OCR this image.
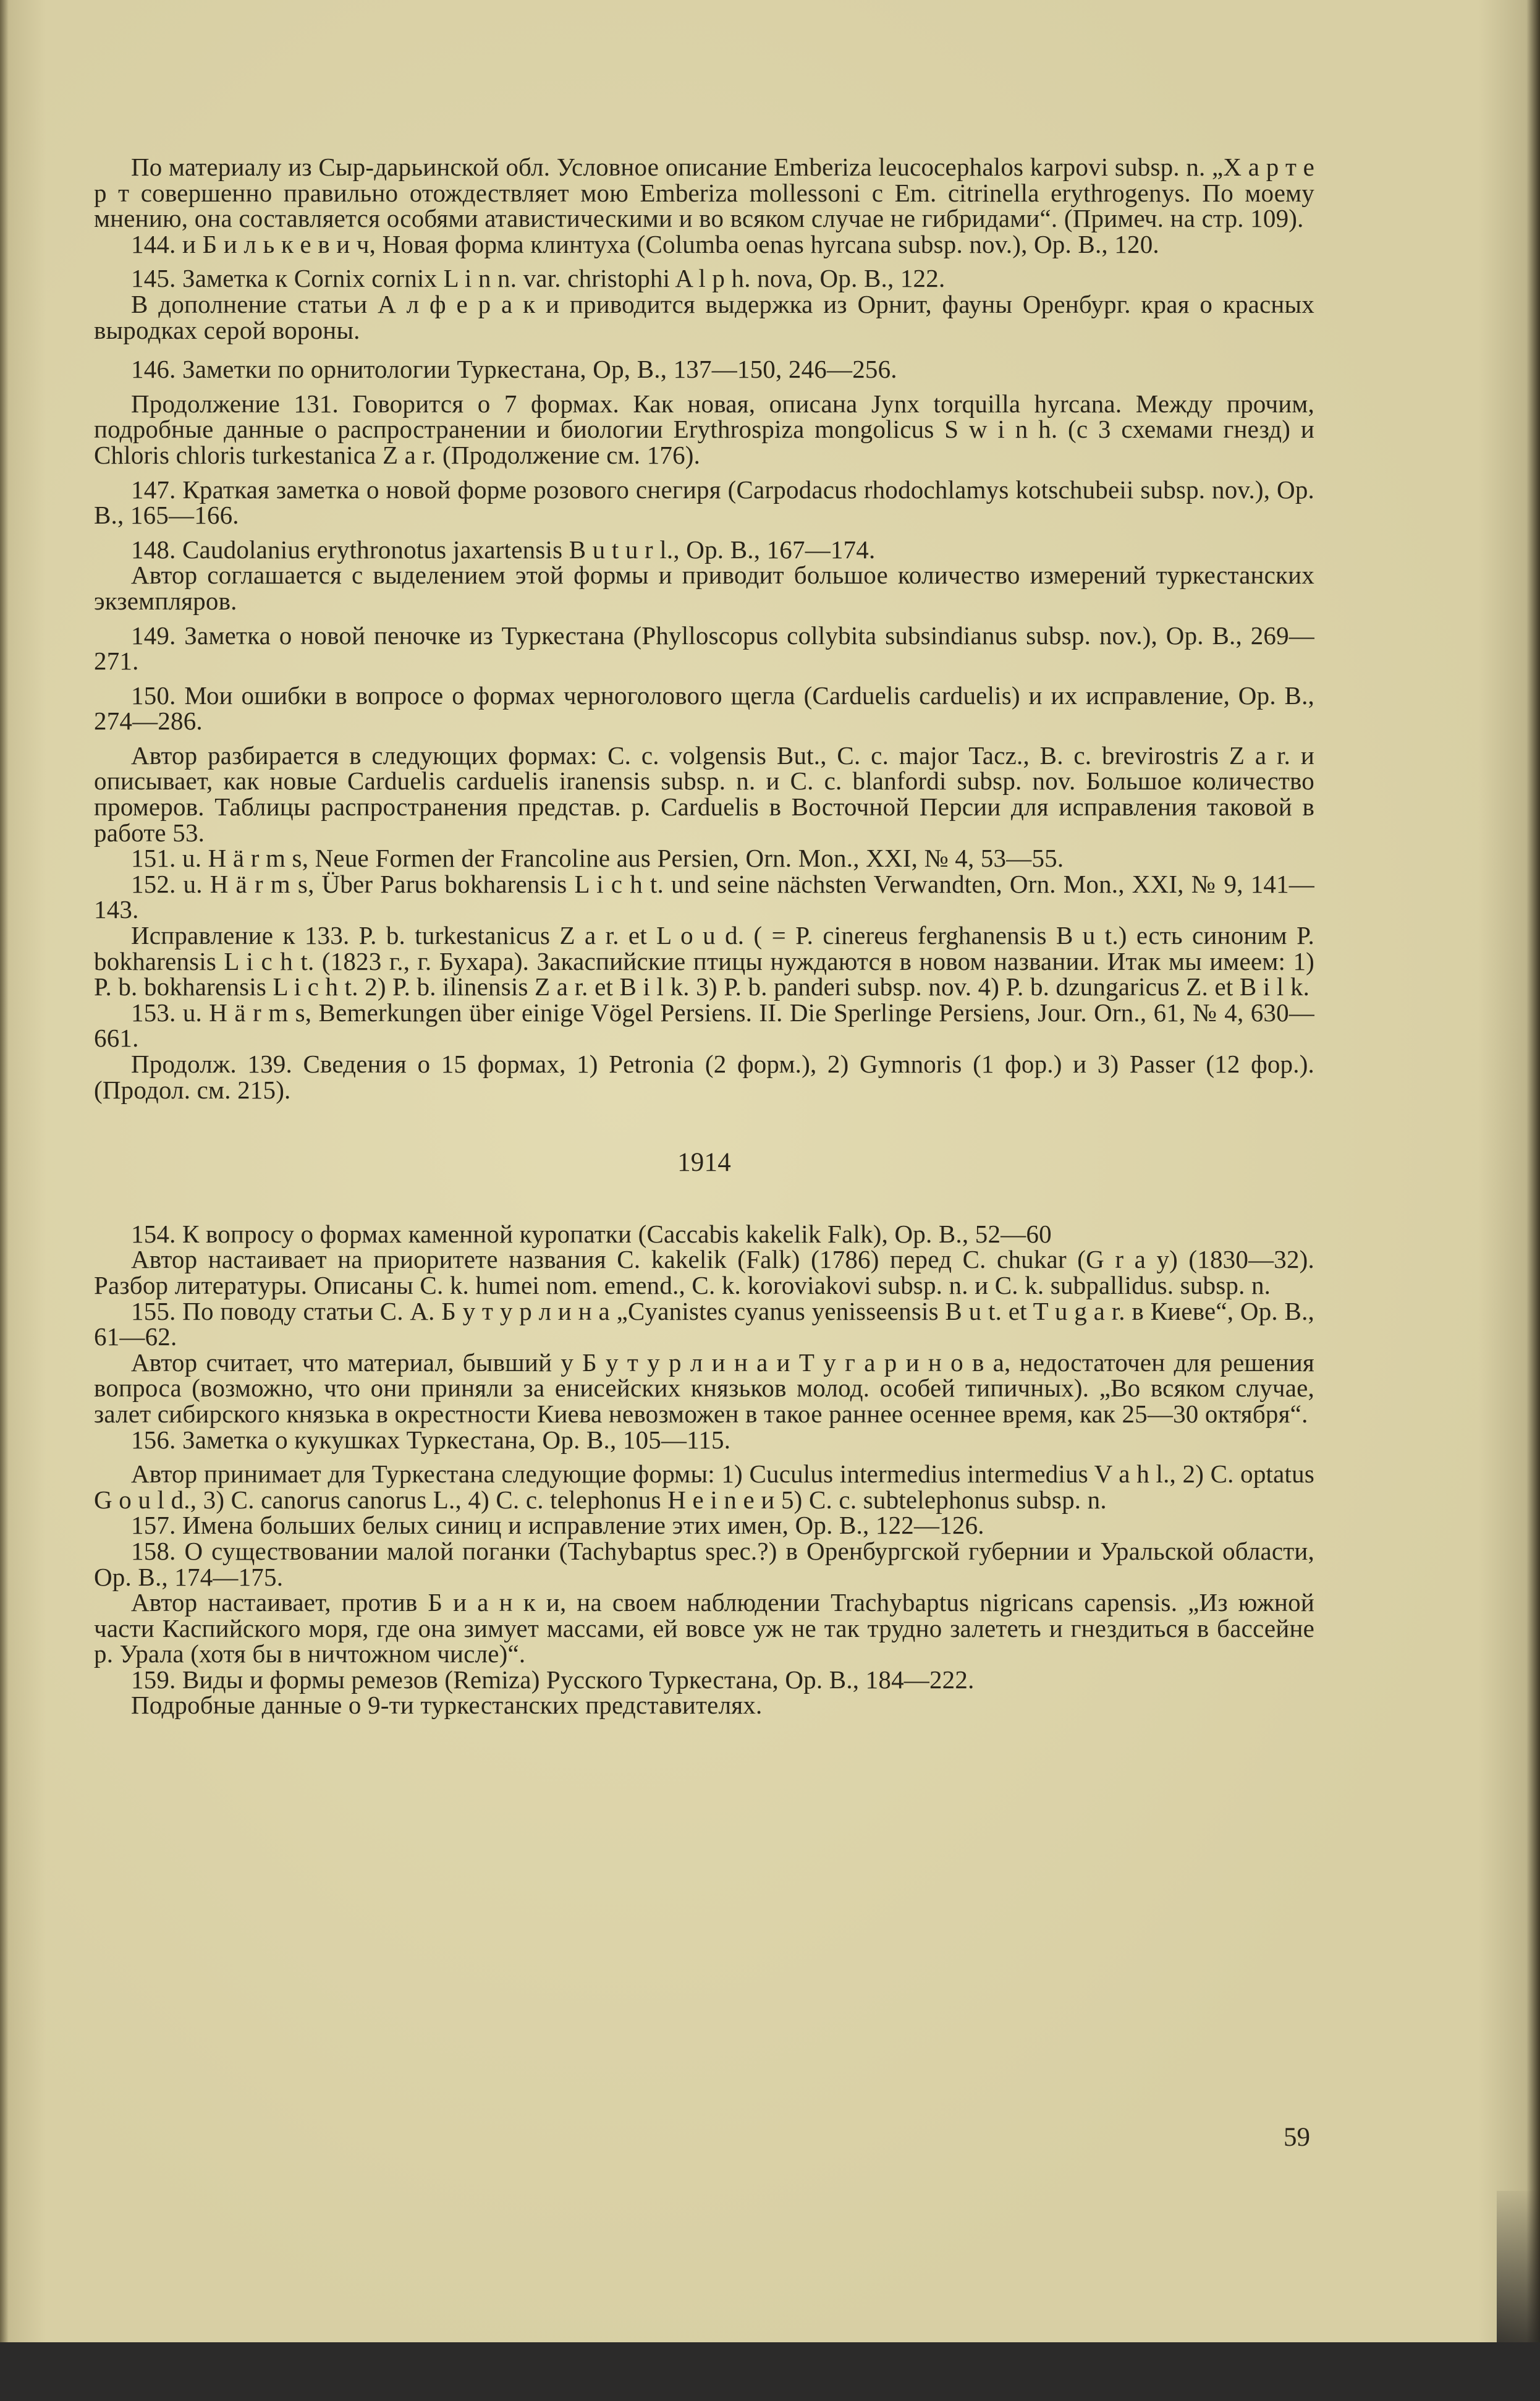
По материалу из Сыр-дарьинской обл. Условное описание Emberiza leucocephalos karpovi subsp. n. „Х а р т е р т совершенно правильно отождествляет мою Emberiza mollessoni с Em. citrinella erythrogenys. По моему мнению, она составляется особями атавистическими и во всяком случае не гибридами“. (Примеч. на стр. 109).

144. и Б и л ь к е в и ч, Новая форма клинтуха (Columba oenas hyrcana subsp. nov.), Ор. В., 120.

145. Заметка к Cornix cornix L i n n. var. christophi A l p h. nova, Ор. В., 122.

В дополнение статьи А л ф е р а к и приводится выдержка из Орнит, фауны Оренбург. края о красных выродках серой вороны.

146. Заметки по орнитологии Туркестана, Ор, В., 137—150, 246—256.

Продолжение 131. Говорится о 7 формах. Как новая, описана Jynx torquilla hyrcana. Между прочим, подробные данные о распространении и биологии Erythrospiza mongolicus S w i n h. (с 3 схемами гнезд) и Chloris chloris turkestanica Z a r. (Продолжение см. 176).

147. Краткая заметка о новой форме розового снегиря (Carpodacus rhodochlamys kotschubeii subsp. nov.), Ор. В., 165—166.

148. Caudolanius erythronotus jaxartensis B u t u r l., Ор. В., 167—174.

Автор соглашается с выделением этой формы и приводит большое количество измерений туркестанских экземпляров.

149. Заметка о новой пеночке из Туркестана (Phylloscopus collybita subsindianus subsp. nov.), Ор. В., 269—271.

150. Мои ошибки в вопросе о формах черноголового щегла (Carduelis carduelis) и их исправление, Ор. В., 274—286.

Автор разбирается в следующих формах: C. c. volgensis But., C. c. major Tacz., B. c. brevirostris Z a r. и описывает, как новые Carduelis carduelis iranensis subsp. n. и C. c. blanfordi subsp. nov. Большое количество промеров. Таблицы распространения представ. р. Carduelis в Восточной Персии для исправления таковой в работе 53.

151. u. H ä r m s, Neue Formen der Francoline aus Persien, Orn. Mon., XXI, № 4, 53—55.

152. u. H ä r m s, Über Parus bokharensis L i c h t. und seine nächsten Verwandten, Orn. Mon., XXI, № 9, 141—143.

Исправление к 133. P. b. turkestanicus Z a r. et L o u d. ( = P. cinereus ferghanensis B u t.) есть синоним P. bokharensis L i c h t. (1823 г., г. Бухара). Закаспийские птицы нуждаются в новом названии. Итак мы имеем: 1) P. b. bokharensis L i c h t. 2) P. b. ilinensis Z a r. et B i l k. 3) P. b. panderi subsp. nov. 4) P. b. dzungaricus Z. et B i l k.

153. u. H ä r m s, Bemerkungen über einige Vögel Persiens. II. Die Sperlinge Persiens, Jour. Orn., 61, № 4, 630—661.

Продолж. 139. Сведения о 15 формах, 1) Petronia (2 форм.), 2) Gymnoris (1 фор.) и 3) Passer (12 фор.). (Продол. см. 215).

1914

154. К вопросу о формах каменной куропатки (Caccabis kakelik Falk), Ор. В., 52—60

Автор настаивает на приоритете названия C. kakelik (Falk) (1786) перед C. chukar (G r a y) (1830—32). Разбор литературы. Описаны C. k. humei nom. emend., C. k. koroviakovi subsp. n. и C. k. subpallidus. subsp. n.

155. По поводу статьи С. А. Б у т у р л и н а „Cyanistes cyanus yenisseensis B u t. et T u g a r. в Киеве“, Ор. В., 61—62.

Автор считает, что материал, бывший у Б у т у р л и н а и Т у г а р и н о в а, недостаточен для решения вопроса (возможно, что они приняли за енисейских князьков молод. особей типичных). „Во всяком случае, залет сибирского князька в окрестности Киева невозможен в такое раннее осеннее время, как 25—30 октября“.

156. Заметка о кукушках Туркестана, Ор. В., 105—115.

Автор принимает для Туркестана следующие формы: 1) Cuculus intermedius intermedius V a h l., 2) C. optatus G o u l d., 3) C. canorus canorus L., 4) C. c. telephonus H e i n e и 5) C. c. subtelephonus subsp. n.

157. Имена больших белых синиц и исправление этих имен, Ор. В., 122—126.

158. О существовании малой поганки (Tachybaptus spec.?) в Оренбургской губернии и Уральской области, Ор. В., 174—175.

Автор настаивает, против Б и а н к и, на своем наблюдении Trachybaptus nigricans capensis. „Из южной части Каспийского моря, где она зимует массами, ей вовсе уж не так трудно залететь и гнездиться в бассейне р. Урала (хотя бы в ничтожном числе)“.

159. Виды и формы ремезов (Remiza) Русского Туркестана, Ор. В., 184—222.

Подробные данные о 9-ти туркестанских представителях.

59
